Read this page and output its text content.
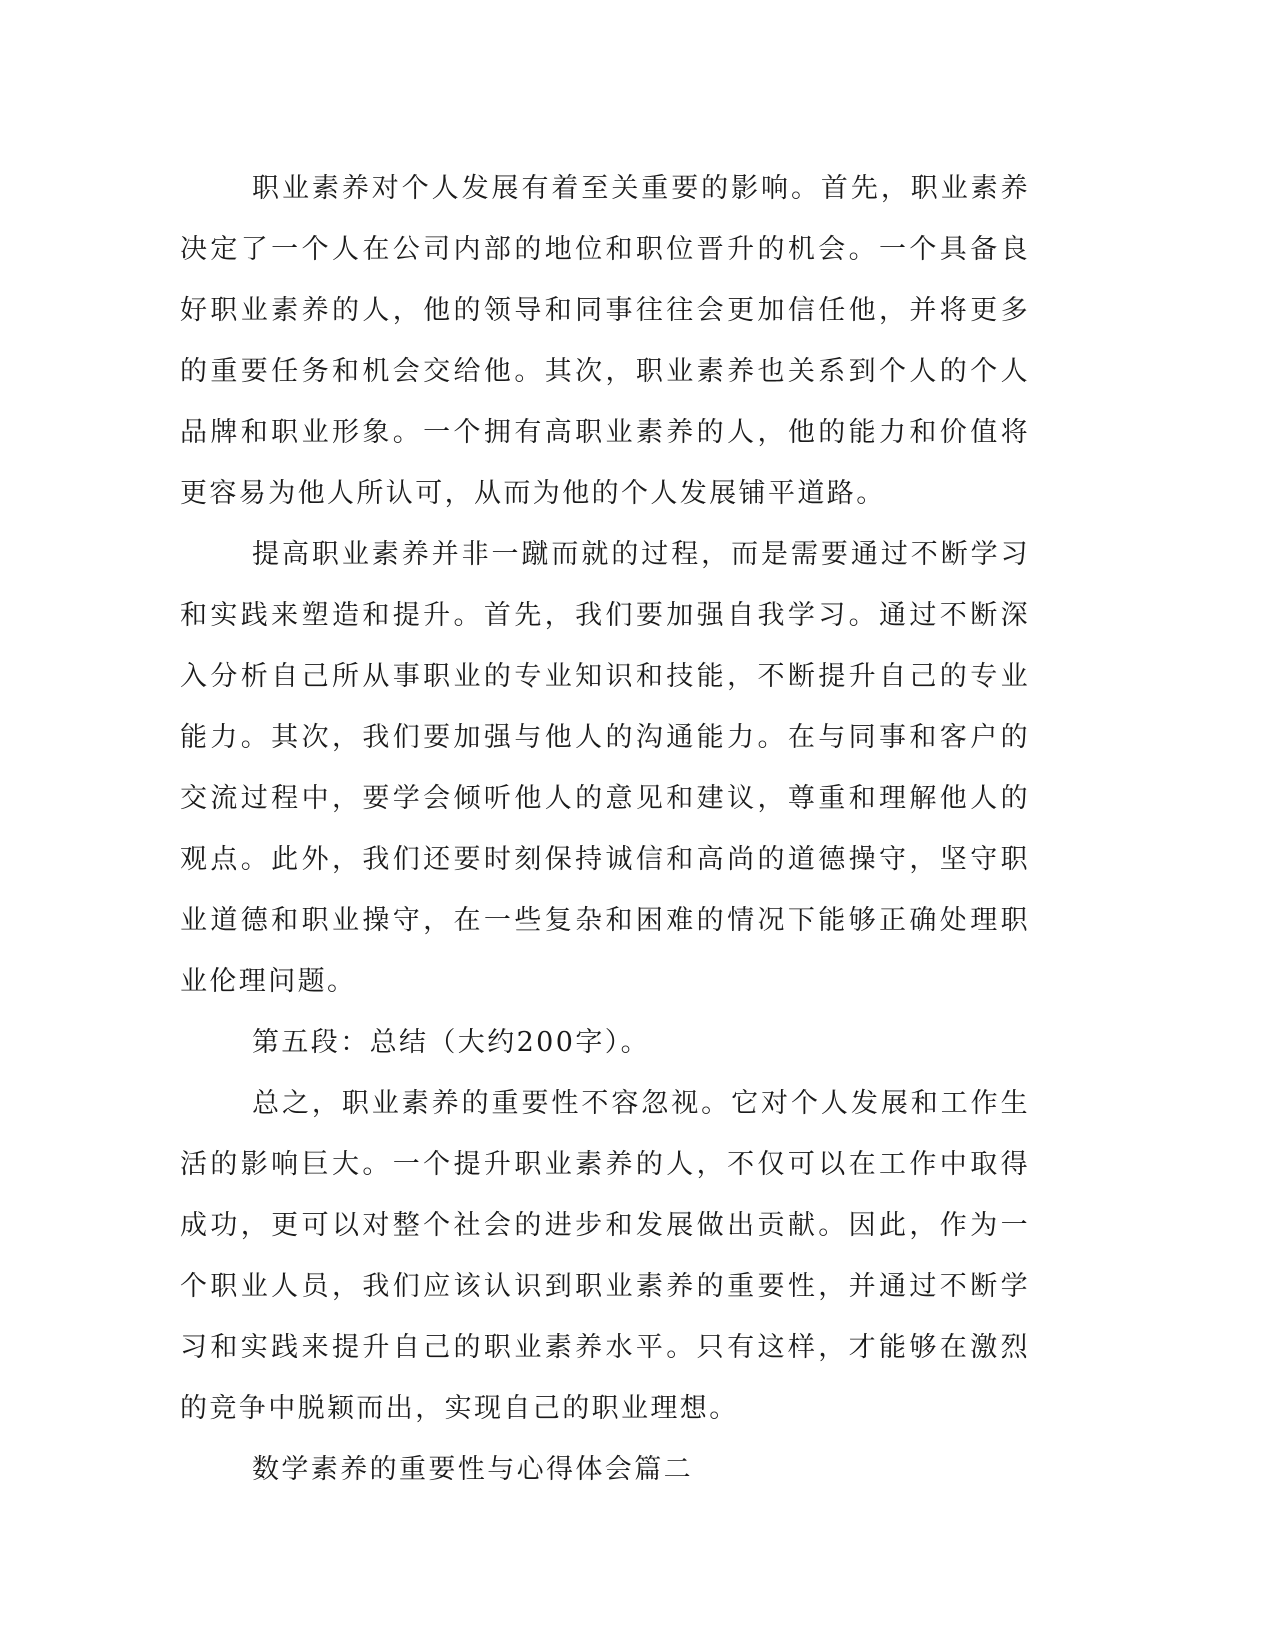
职业素养对个人发展有着至关重要的影响。首先，职业素养决定了一个人在公司内部的地位和职位晋升的机会。一个具备良好职业素养的人，他的领导和同事往往会更加信任他，并将更多的重要任务和机会交给他。其次，职业素养也关系到个人的个人品牌和职业形象。一个拥有高职业素养的人，他的能力和价值将更容易为他人所认可，从而为他的个人发展铺平道路。

提高职业素养并非一蹴而就的过程，而是需要通过不断学习和实践来塑造和提升。首先，我们要加强自我学习。通过不断深入分析自己所从事职业的专业知识和技能，不断提升自己的专业能力。其次，我们要加强与他人的沟通能力。在与同事和客户的交流过程中，要学会倾听他人的意见和建议，尊重和理解他人的观点。此外，我们还要时刻保持诚信和高尚的道德操守，坚守职业道德和职业操守，在一些复杂和困难的情况下能够正确处理职业伦理问题。

第五段：总结（大约200字）。

总之，职业素养的重要性不容忽视。它对个人发展和工作生活的影响巨大。一个提升职业素养的人，不仅可以在工作中取得成功，更可以对整个社会的进步和发展做出贡献。因此，作为一个职业人员，我们应该认识到职业素养的重要性，并通过不断学习和实践来提升自己的职业素养水平。只有这样，才能够在激烈的竞争中脱颖而出，实现自己的职业理想。

数学素养的重要性与心得体会篇二
